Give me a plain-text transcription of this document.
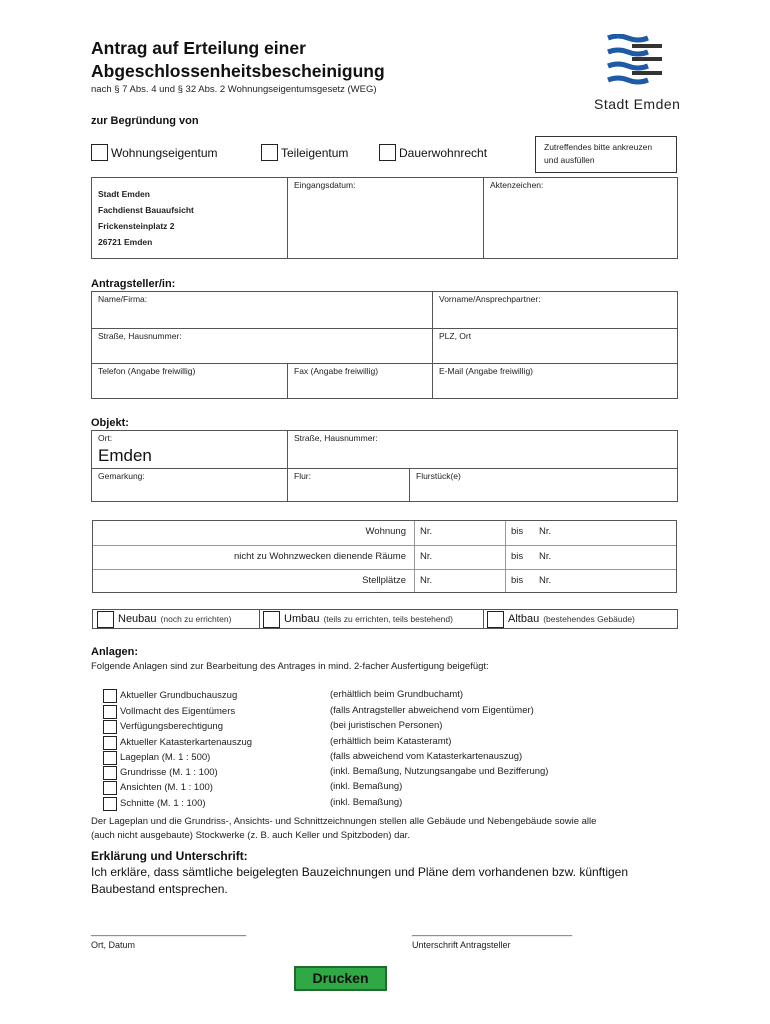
Antrag auf Erteilung einer
Abgeschlossenheitsbescheinigung
nach § 7 Abs. 4 und § 32 Abs. 2 Wohnungseigentumsgesetz (WEG)
Stadt Emden
zur Begründung von
Wohnungseigentum	Teileigentum	Dauerwohnrecht	Zutreffendes bitte ankreuzen und ausfüllen
Stadt Emden
Fachdienst Bauaufsicht
Frickensteinplatz 2
26721 Emden
	Eingangsdatum:	Aktenzeichen:
Antragsteller/in:
Name/Firma:		Vorname/Ansprechpartner:
Straße, Hausnummer:		PLZ, Ort
Telefon (Angabe freiwillig)	Fax (Angabe freiwillig)	E-Mail (Angabe freiwillig)
Objekt:
Ort:
Emden	Straße, Hausnummer:	
Gemarkung:	Flur:	Flurstück(e)
Wohnung Nr.	bis Nr.
nicht zu Wohnzwecken dienende Räume Nr.	bis Nr.
Stellplätze Nr.	bis Nr.
Neubau (noch zu errichten)	Umbau (teils zu errichten, teils bestehend)	Altbau (bestehendes Gebäude)
Anlagen:
Folgende Anlagen sind zur Bearbeitung des Antrages in mind. 2-facher Ausfertigung beigefügt:
Aktueller Grundbuchauszug	(erhältlich beim Grundbuchamt)
Vollmacht des Eigentümers	(falls Antragsteller abweichend vom Eigentümer)
Verfügungsberechtigung	(bei juristischen Personen)
Aktueller Katasterkartenauszug	(erhältlich beim Katasteramt)
Lageplan (M. 1 : 500)	(falls abweichend vom Katasterkartenauszug)
Grundrisse (M. 1 : 100)	(inkl. Bemaßung, Nutzungsangabe und Bezifferung)
Ansichten (M. 1 : 100)	(inkl. Bemaßung)
Schnitte (M. 1 : 100)	(inkl. Bemaßung)
Der Lageplan und die Grundriss-, Ansichts- und Schnittzeichnungen stellen alle Gebäude und Nebengebäude sowie alle
(auch nicht ausgebaute) Stockwerke (z. B. auch Keller und Spitzboden) dar.
Erklärung und Unterschrift:
Ich erkläre, dass sämtliche beigelegten Bauzeichnungen und Pläne dem vorhandenen bzw. künftigen
Baubestand entsprechen.
_______________________________
Ort, Datum
________________________________
Unterschrift Antragsteller
Drucken
